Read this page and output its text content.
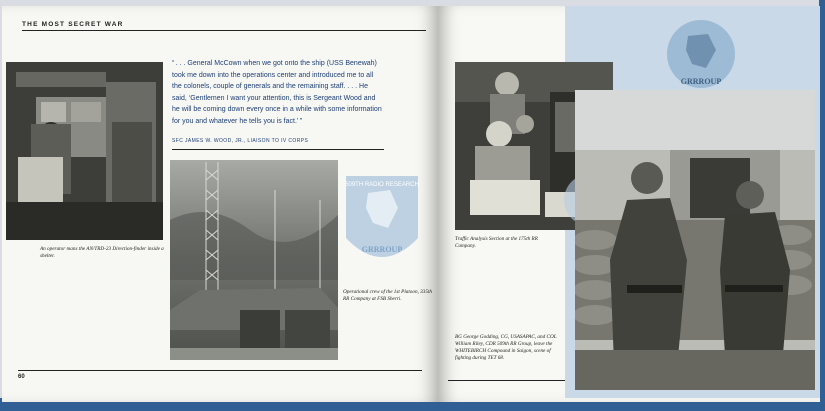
THE MOST SECRET WAR
An operator mans the AN/TRD-23 Direction-finder inside a shelter.
“ . . . General McCown when we got onto the ship (USS Benewah) took me down into the operations center and introduced me to all the colonels, couple of generals and the remaining staff. . . . He said, ‘Gentlemen I want your attention, this is Sergeant Wood and he will be coming down every once in a while with some information for you and whatever he tells you is fact.’ ”
SFC JAMES W. WOOD, JR., LIAISON TO IV CORPS
Operational crew of the 1st Platoon, 335th RR Company at FSB Sherri.
509TH RADIO RESEARCH
GRRROUP
60
GRRROUP
Traffic Analysis Section at the 175th RR Company.
BG George Godding, CG, USASAPAC, and COL William Riley, CDR 509th RR Group, leave the WHITEBIRCH Compound in Saigon, scene of fighting during TET 68.
